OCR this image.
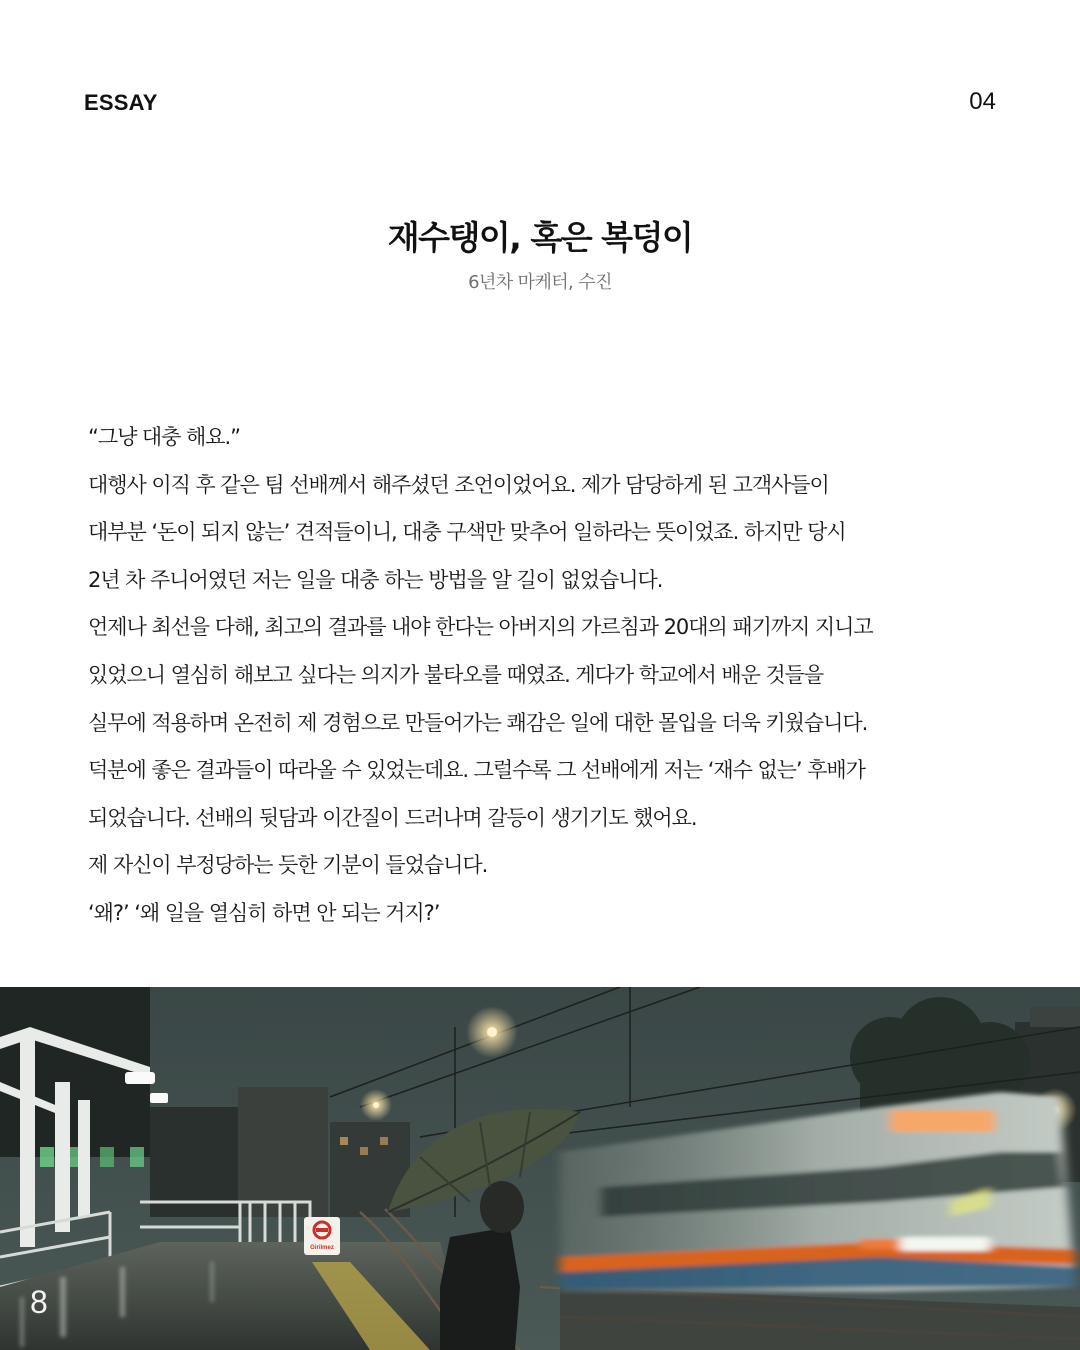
ESSAY	04
재수탱이, 혹은 복덩이
6년차 마케터, 수진
“그냥 대충 해요.”
대행사 이직 후 같은 팀 선배께서 해주셨던 조언이었어요. 제가 담당하게 된 고객사들이
대부분 ‘돈이 되지 않는’ 견적들이니, 대충 구색만 맞추어 일하라는 뜻이었죠. 하지만 당시
2년 차 주니어였던 저는 일을 대충 하는 방법을 알 길이 없었습니다.
언제나 최선을 다해, 최고의 결과를 내야 한다는 아버지의 가르침과 20대의 패기까지 지니고
있었으니 열심히 해보고 싶다는 의지가 불타오를 때였죠. 게다가 학교에서 배운 것들을
실무에 적용하며 온전히 제 경험으로 만들어가는 쾌감은 일에 대한 몰입을 더욱 키웠습니다.
덕분에 좋은 결과들이 따라올 수 있었는데요. 그럴수록 그 선배에게 저는 ‘재수 없는’ 후배가
되었습니다. 선배의 뒷담과 이간질이 드러나며 갈등이 생기기도 했어요.
제 자신이 부정당하는 듯한 기분이 들었습니다.
‘왜?’ ‘왜 일을 열심히 하면 안 되는 거지?’
Girilmez
8
